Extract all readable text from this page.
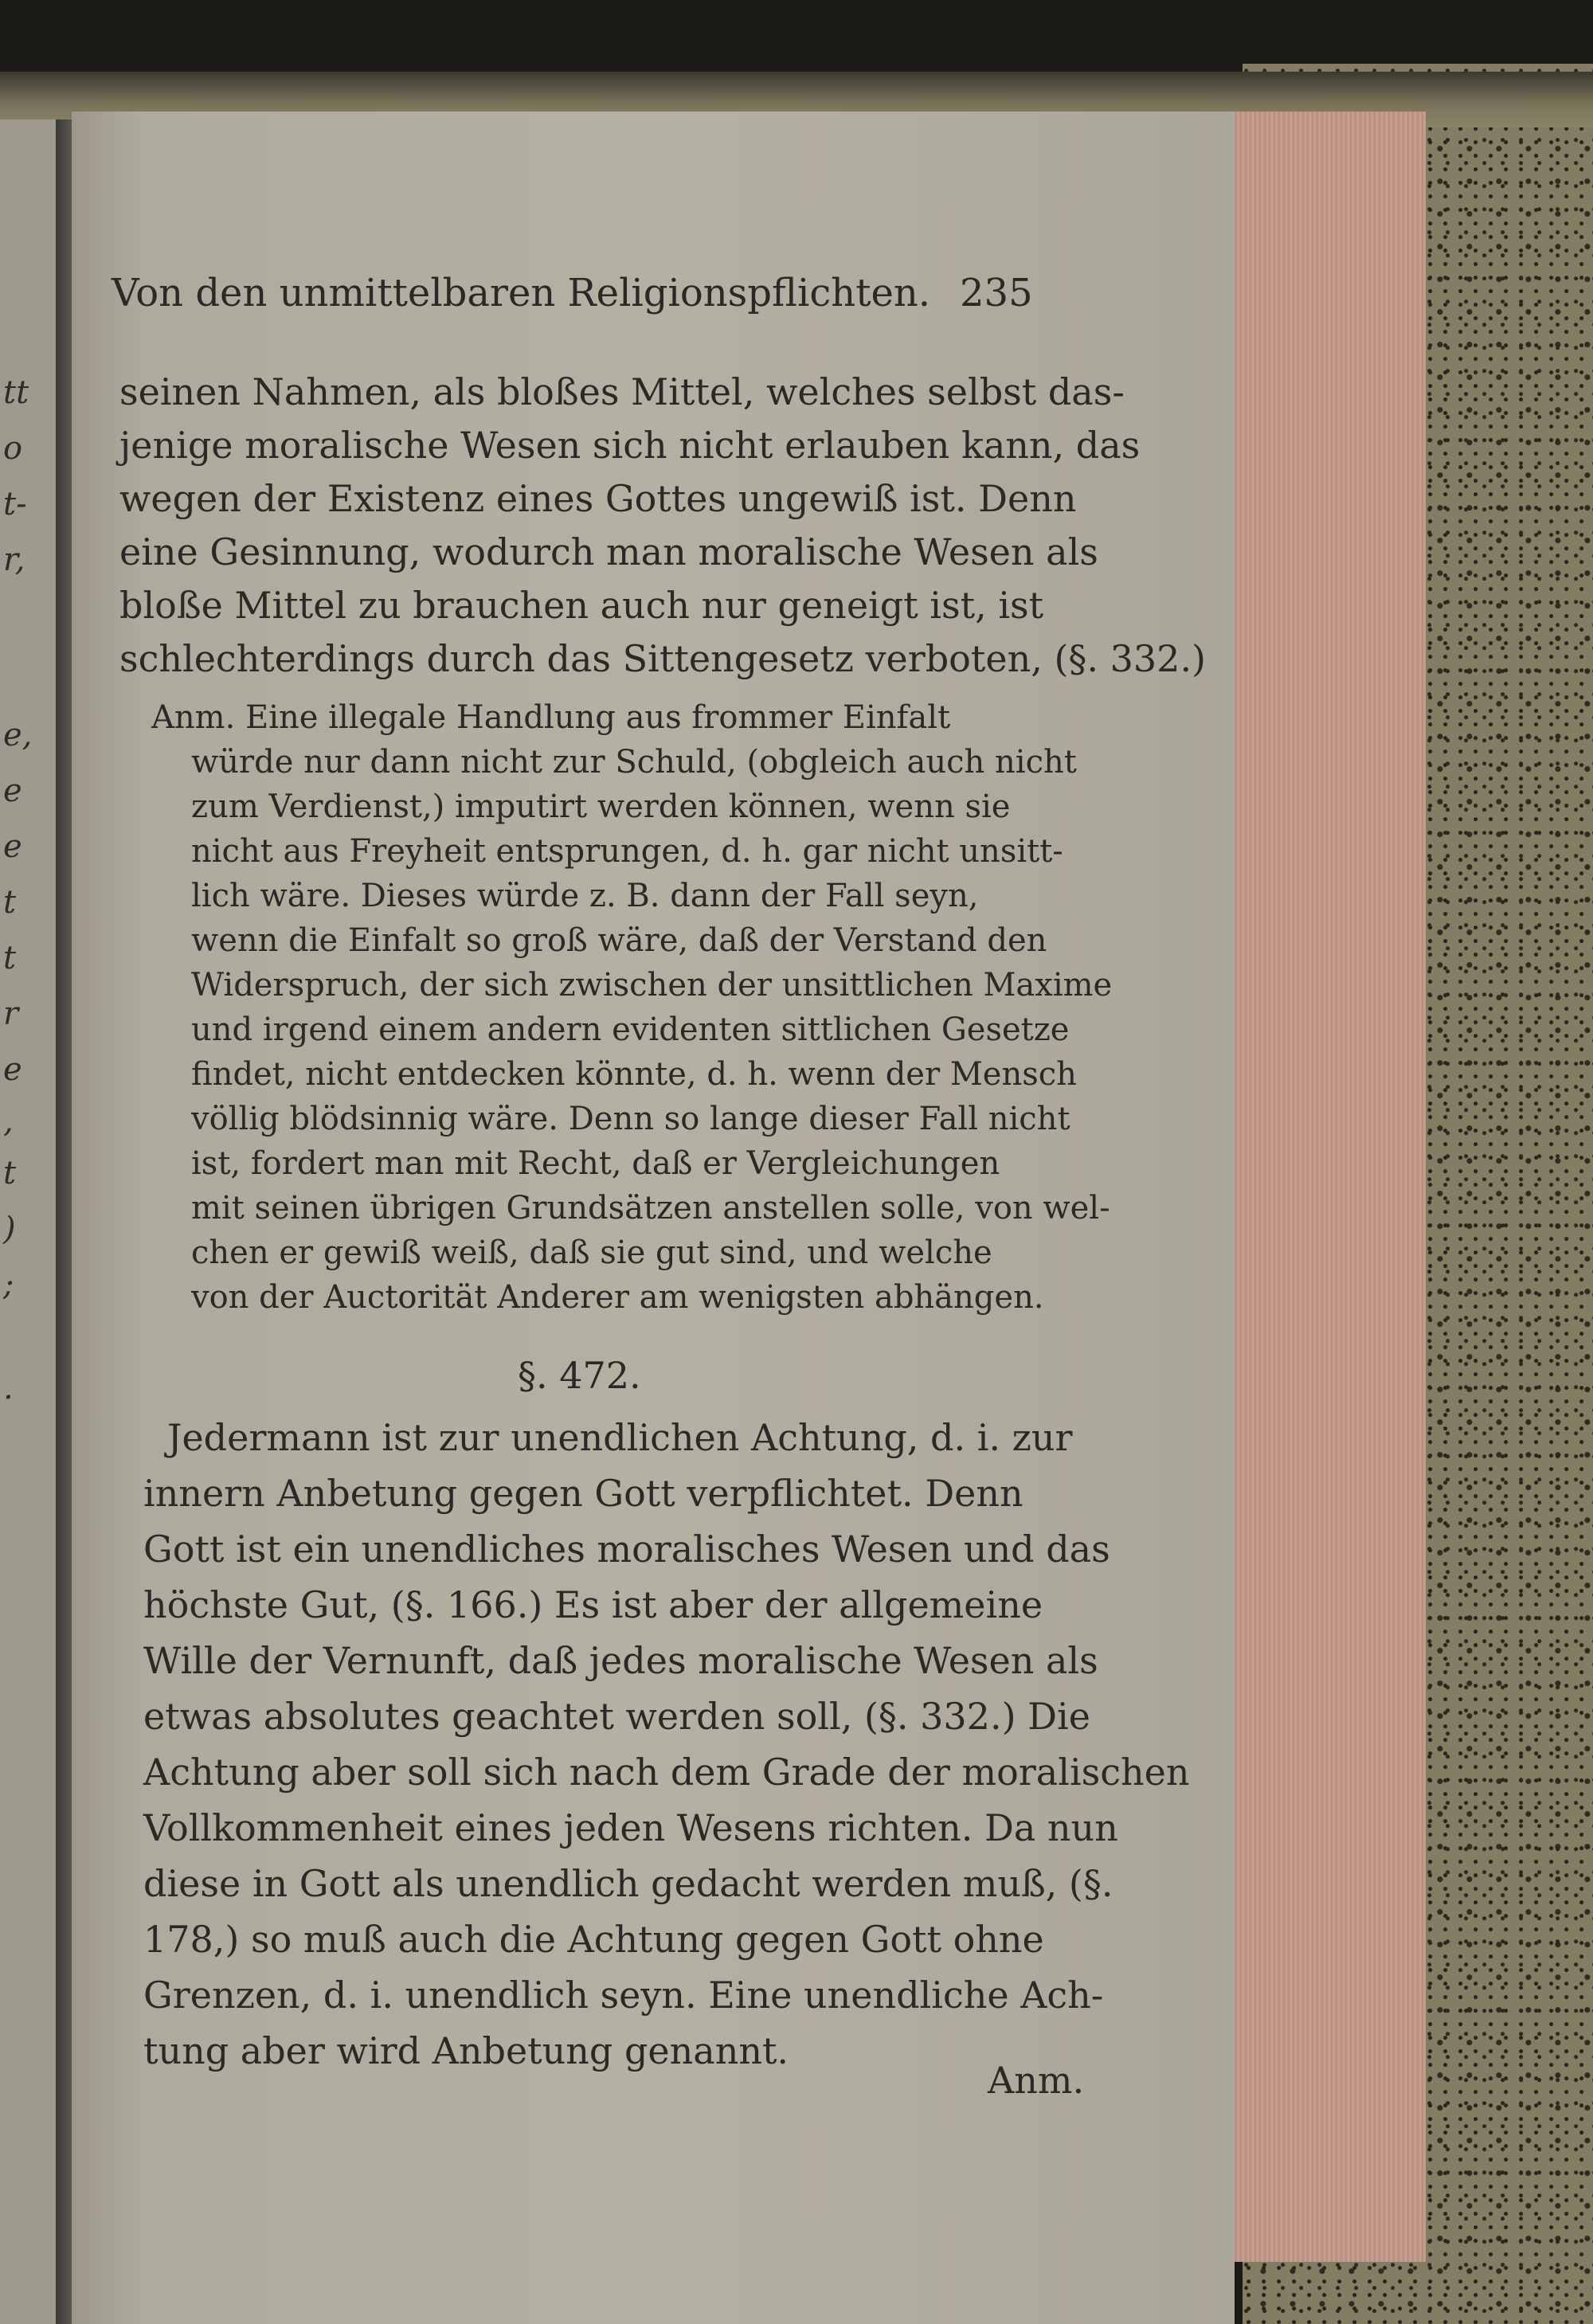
Von den unmittelbaren Religionspflichten. 235
seinen Nahmen, als bloßes Mittel, welches selbst das-
jenige moralische Wesen sich nicht erlauben kann, das
wegen der Existenz eines Gottes ungewiß ist. Denn
eine Gesinnung, wodurch man moralische Wesen als
bloße Mittel zu brauchen auch nur geneigt ist, ist
schlechterdings durch das Sittengesetz verboten, (§. 332.)
Anm. Eine illegale Handlung aus frommer Einfalt
würde nur dann nicht zur Schuld, (obgleich auch nicht
zum Verdienst,) imputirt werden können, wenn sie
nicht aus Freyheit entsprungen, d. h. gar nicht unsitt-
lich wäre. Dieses würde z. B. dann der Fall seyn,
wenn die Einfalt so groß wäre, daß der Verstand den
Widerspruch, der sich zwischen der unsittlichen Maxime
und irgend einem andern evidenten sittlichen Gesetze
findet, nicht entdecken könnte, d. h. wenn der Mensch
völlig blödsinnig wäre. Denn so lange dieser Fall nicht
ist, fordert man mit Recht, daß er Vergleichungen
mit seinen übrigen Grundsätzen anstellen solle, von wel-
chen er gewiß weiß, daß sie gut sind, und welche
von der Auctorität Anderer am wenigsten abhängen.
§. 472.
Jedermann ist zur unendlichen Achtung, d. i. zur
innern Anbetung gegen Gott verpflichtet. Denn
Gott ist ein unendliches moralisches Wesen und das
höchste Gut, (§. 166.) Es ist aber der allgemeine
Wille der Vernunft, daß jedes moralische Wesen als
etwas absolutes geachtet werden soll, (§. 332.) Die
Achtung aber soll sich nach dem Grade der moralischen
Vollkommenheit eines jeden Wesens richten. Da nun
diese in Gott als unendlich gedacht werden muß, (§.
178,) so muß auch die Achtung gegen Gott ohne
Grenzen, d. i. unendlich seyn. Eine unendliche Ach-
tung aber wird Anbetung genannt.
Anm.
tt
o
t-
r,
e,
e
e
t
t
r
e
,
t
)
;
.
